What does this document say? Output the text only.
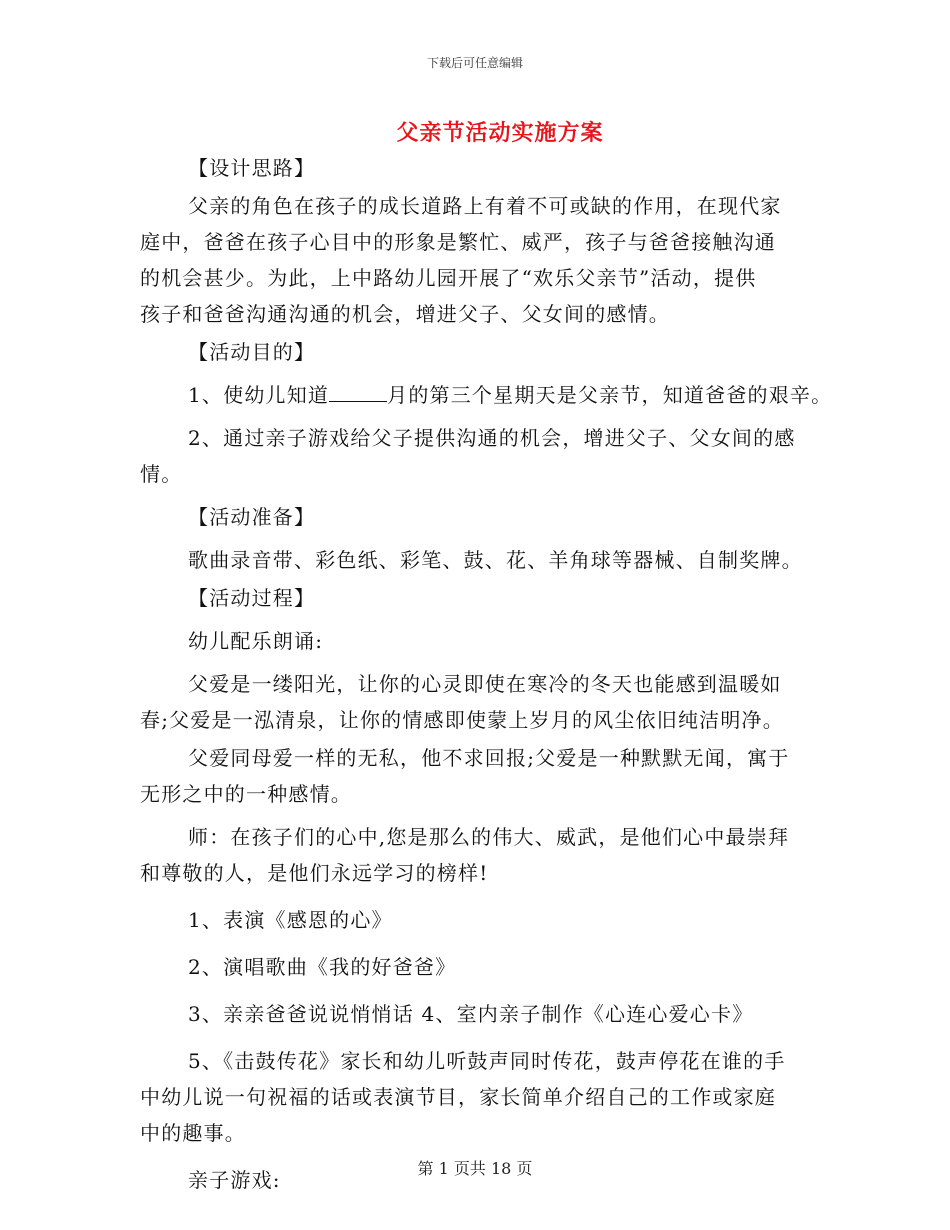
下载后可任意编辑
父亲节活动实施方案
【设计思路】
父亲的角色在孩子的成长道路上有着不可或缺的作用，在现代家
庭中，爸爸在孩子心目中的形象是繁忙、威严，孩子与爸爸接触沟通
的机会甚少。为此，上中路幼儿园开展了“欢乐父亲节”活动，提供
孩子和爸爸沟通沟通的机会，增进父子、父女间的感情。
【活动目的】
1、使幼儿知道	月的第三个星期天是父亲节，知道爸爸的艰辛。
2、通过亲子游戏给父子提供沟通的机会，增进父子、父女间的感
情。
【活动准备】
歌曲录音带、彩色纸、彩笔、鼓、花、羊角球等器械、自制奖牌。
【活动过程】
幼儿配乐朗诵:
父爱是一缕阳光，让你的心灵即使在寒冷的冬天也能感到温暖如
春;父爱是一泓清泉，让你的情感即使蒙上岁月的风尘依旧纯洁明净。
父爱同母爱一样的无私，他不求回报;父爱是一种默默无闻，寓于
无形之中的一种感情。
师：在孩子们的心中,您是那么的伟大、威武，是他们心中最崇拜
和尊敬的人，是他们永远学习的榜样!
1、表演《感恩的心》
2、演唱歌曲《我的好爸爸》
3、亲亲爸爸说说悄悄话 4、室内亲子制作《心连心爱心卡》
5、《击鼓传花》家长和幼儿听鼓声同时传花，鼓声停花在谁的手
中幼儿说一句祝福的话或表演节目，家长简单介绍自己的工作或家庭
中的趣事。
亲子游戏:	第 1 页共 18 页
